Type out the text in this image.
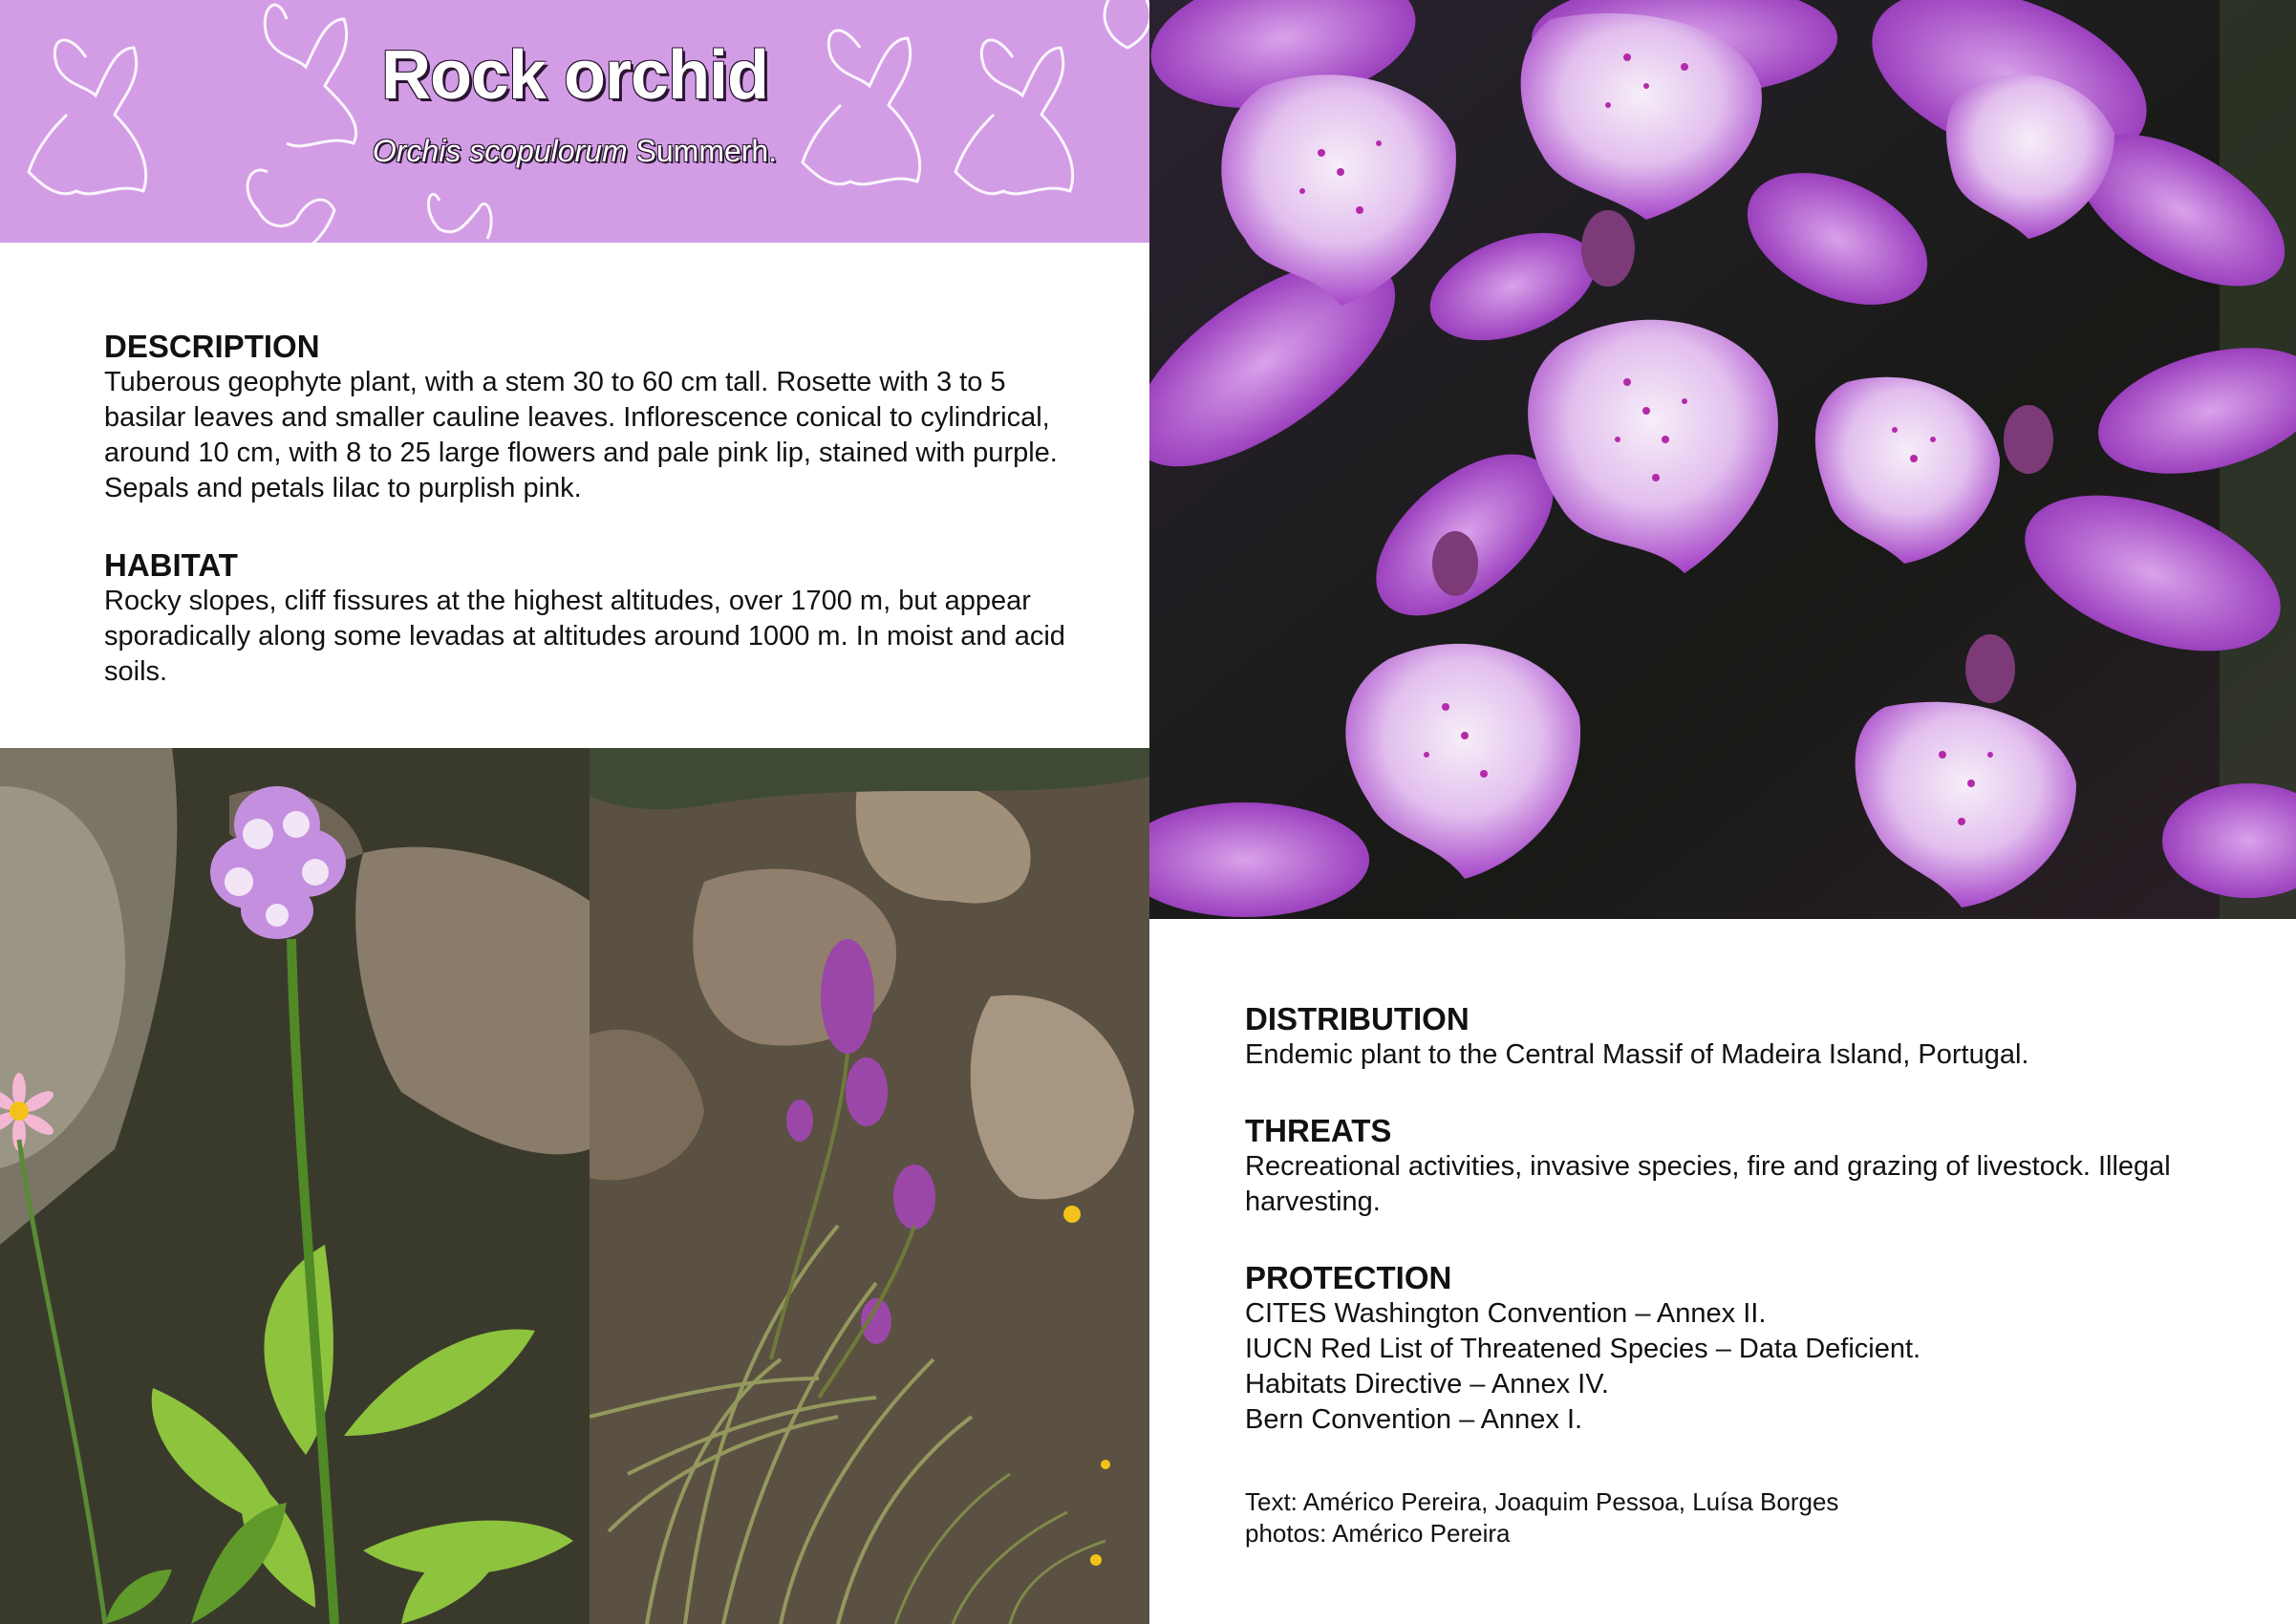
Rock orchid
Orchis scopulorum Summerh.
DESCRIPTION
Tuberous geophyte plant, with a stem 30 to 60 cm tall. Rosette with 3 to 5 basilar leaves and smaller cauline leaves. Inflorescence conical to cylindrical, around 10 cm, with 8 to 25 large flowers and pale pink lip, stained with purple. Sepals and petals lilac to purplish pink.
HABITAT
Rocky slopes, cliff fissures at the highest altitudes, over 1700 m, but appear sporadically along some levadas at altitudes around 1000 m. In moist and acid soils.
DISTRIBUTION
Endemic plant to the Central Massif of Madeira Island, Portugal.
THREATS
Recreational activities, invasive species, fire and grazing of livestock. Illegal harvesting.
PROTECTION
CITES Washington Convention – Annex II.
IUCN Red List of Threatened Species – Data Deficient.
Habitats Directive – Annex IV.
Bern Convention – Annex I.
Text: Américo Pereira, Joaquim Pessoa, Luísa Borges
photos: Américo Pereira
